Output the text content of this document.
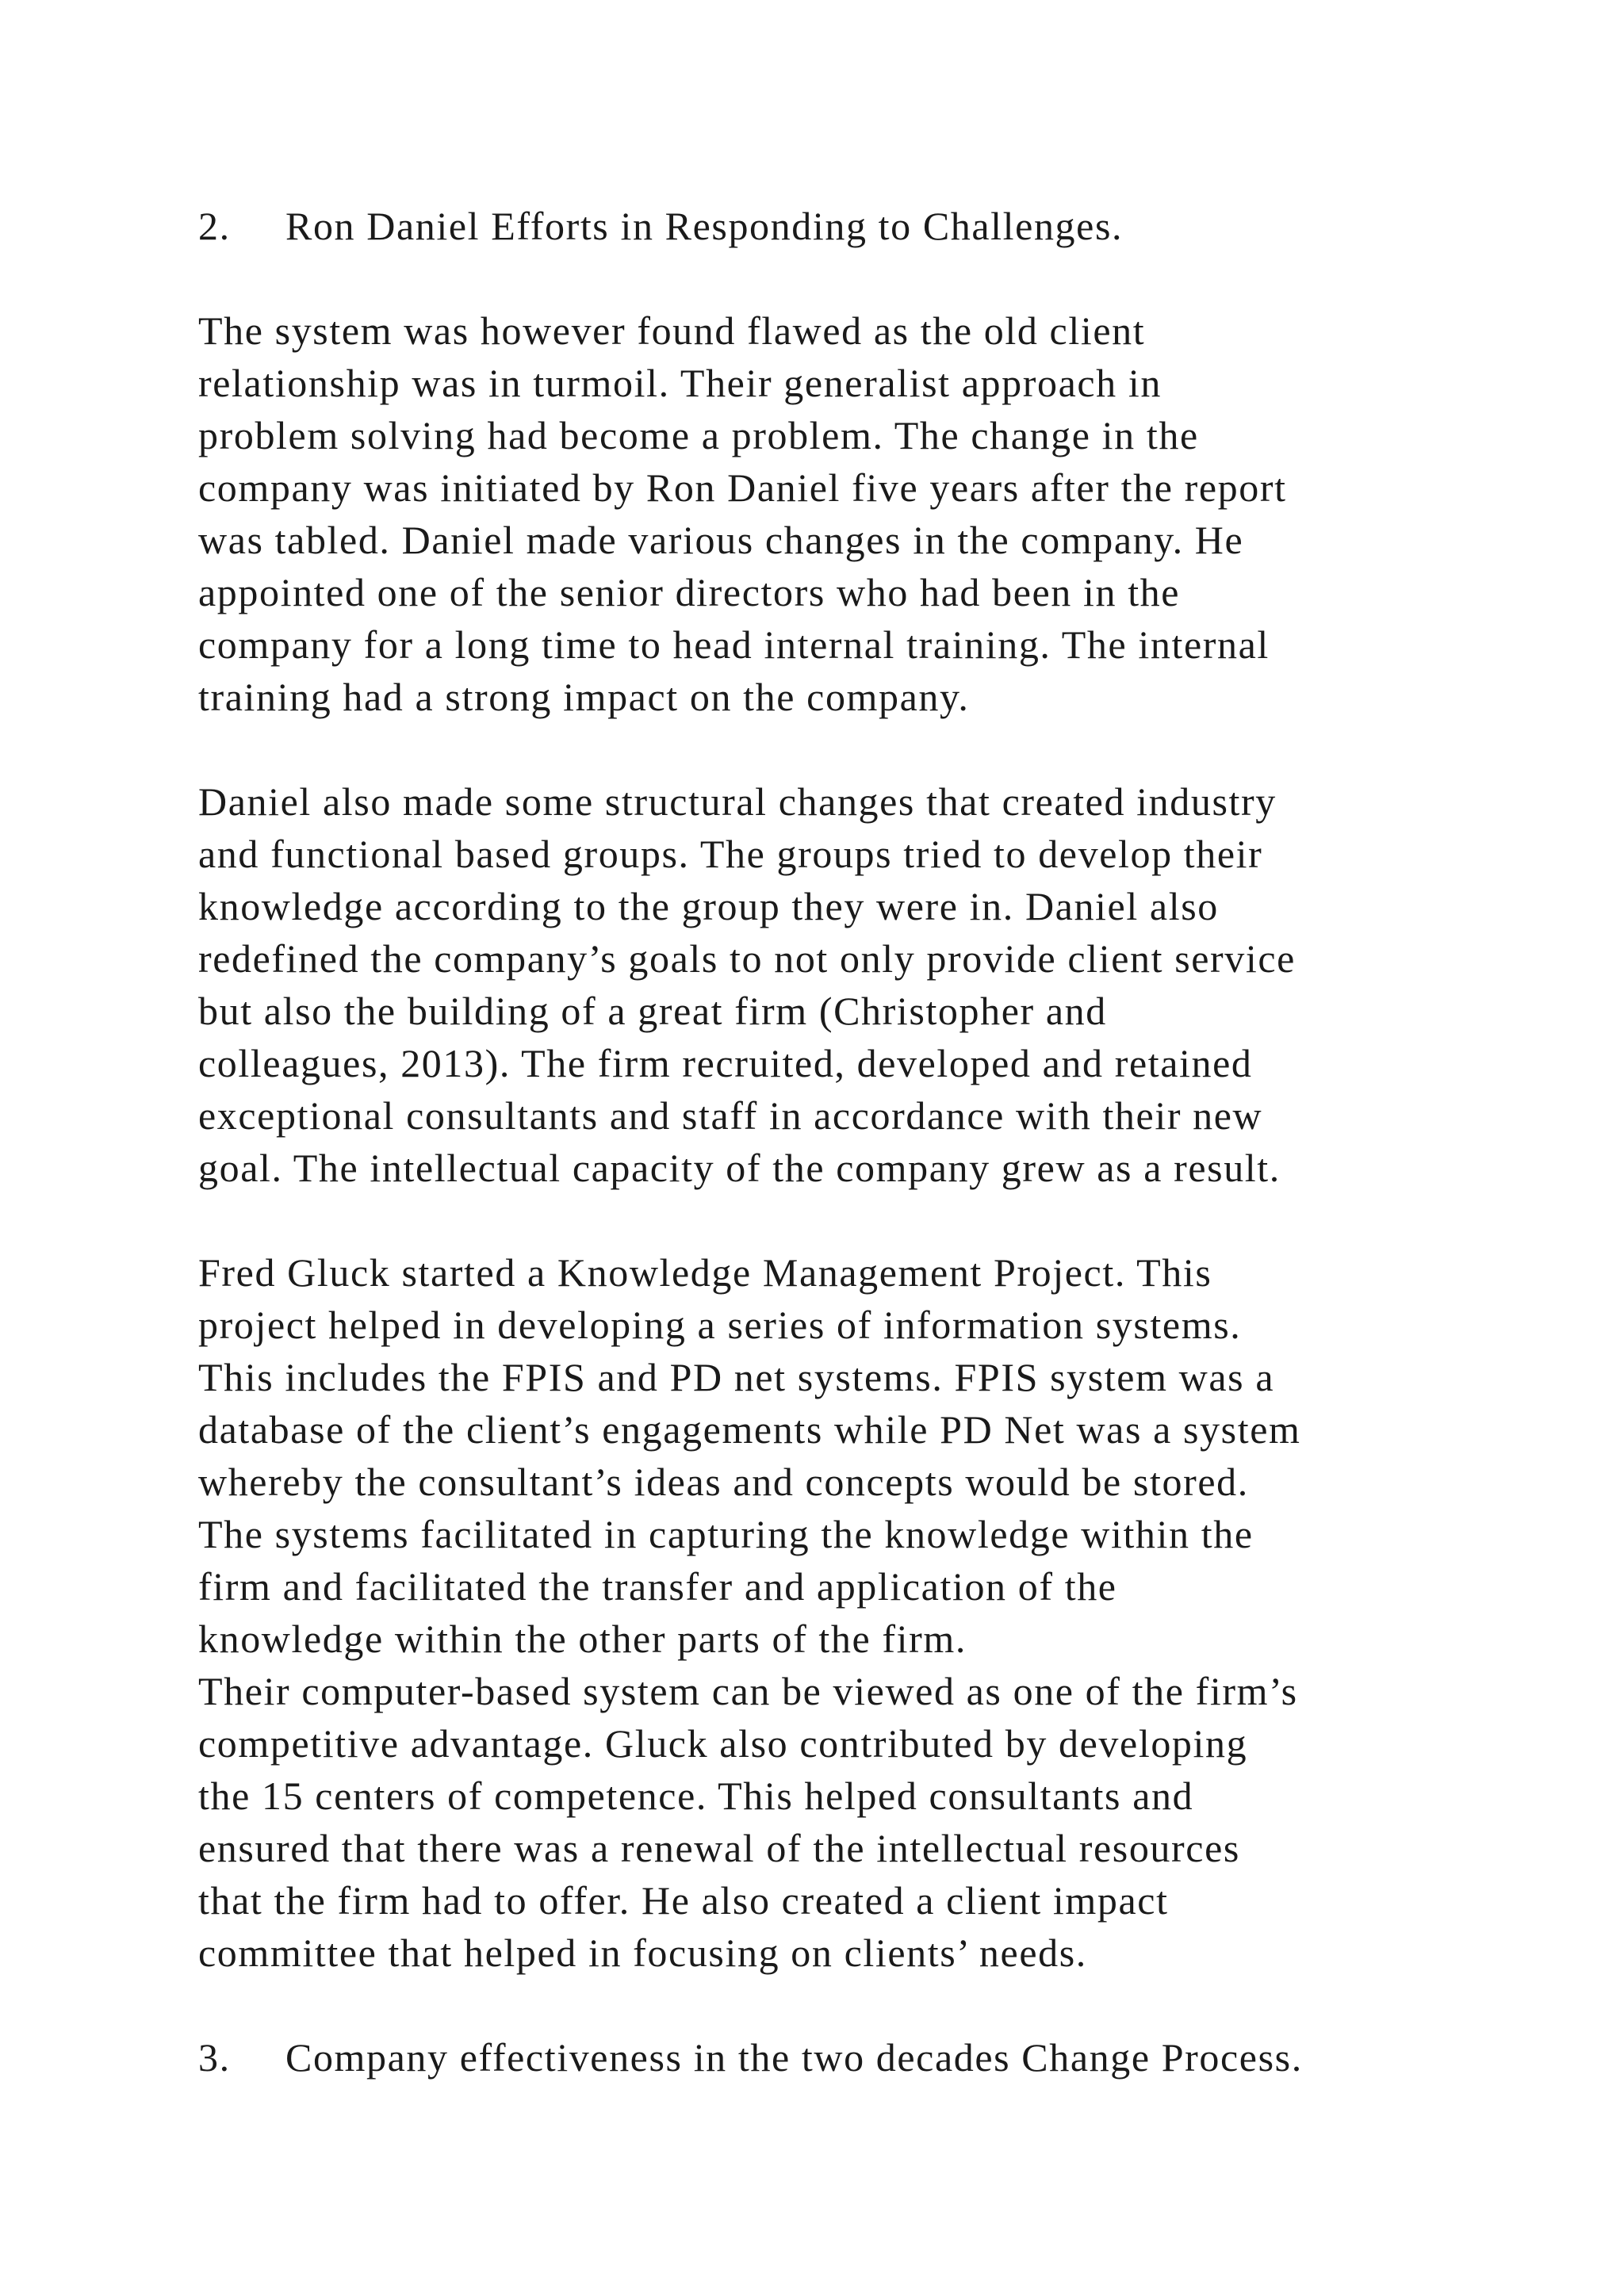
2. Ron Daniel Efforts in Responding to Challenges.
The system was however found flawed as the old client
relationship was in turmoil. Their generalist approach in
problem solving had become a problem. The change in the
company was initiated by Ron Daniel five years after the report
was tabled. Daniel made various changes in the company. He
appointed one of the senior directors who had been in the
company for a long time to head internal training. The internal
training had a strong impact on the company.
Daniel also made some structural changes that created industry
and functional based groups. The groups tried to develop their
knowledge according to the group they were in. Daniel also
redefined the company’s goals to not only provide client service
but also the building of a great firm (Christopher and
colleagues, 2013). The firm recruited, developed and retained
exceptional consultants and staff in accordance with their new
goal. The intellectual capacity of the company grew as a result.
Fred Gluck started a Knowledge Management Project. This
project helped in developing a series of information systems.
This includes the FPIS and PD net systems. FPIS system was a
database of the client’s engagements while PD Net was a system
whereby the consultant’s ideas and concepts would be stored.
The systems facilitated in capturing the knowledge within the
firm and facilitated the transfer and application of the
knowledge within the other parts of the firm.
Their computer-based system can be viewed as one of the firm’s
competitive advantage. Gluck also contributed by developing
the 15 centers of competence. This helped consultants and
ensured that there was a renewal of the intellectual resources
that the firm had to offer. He also created a client impact
committee that helped in focusing on clients’ needs.
3. Company effectiveness in the two decades Change Process.
